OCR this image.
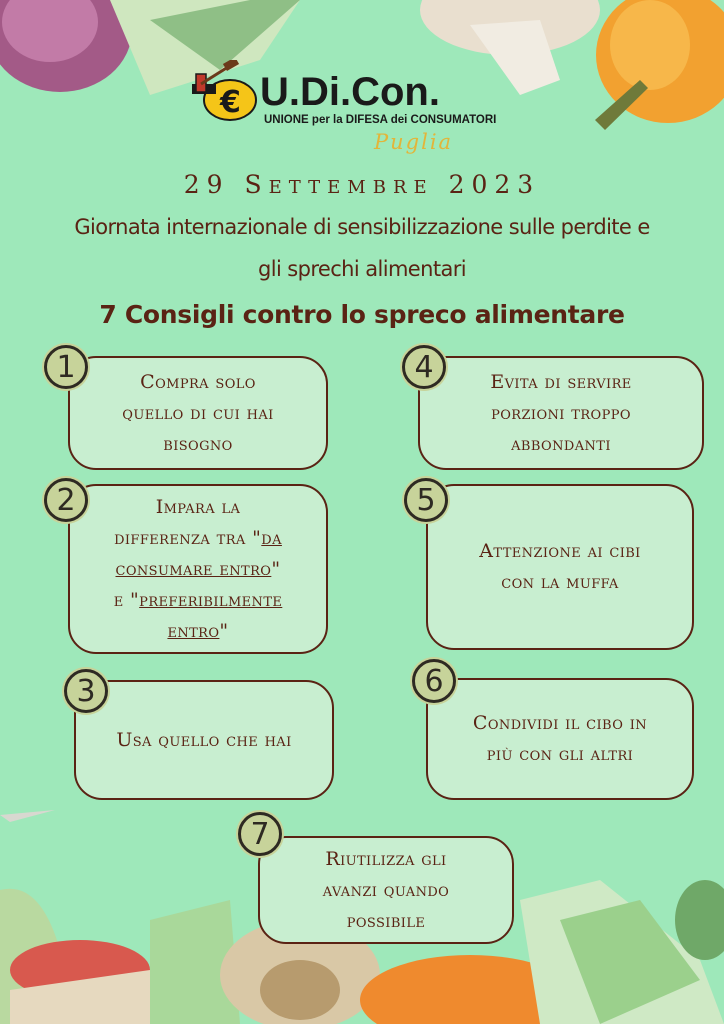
€ U.Di.Con.
UNIONE per la DIFESA dei CONSUMATORI
Puglia
29 Settembre 2023
Giornata internazionale di sensibilizzazione sulle perdite e
gli sprechi alimentari
7 Consigli contro lo spreco alimentare
Compra solo
quello di cui hai
bisogno
1
Impara la
differenza tra "da
consumare entro"
e "preferibilmente
entro"
2
Usa quello che hai
3
Evita di servire
porzioni troppo
abbondanti
4
Attenzione ai cibi
con la muffa
5
Condividi il cibo in
più con gli altri
6
Riutilizza gli
avanzi quando
possibile
7
